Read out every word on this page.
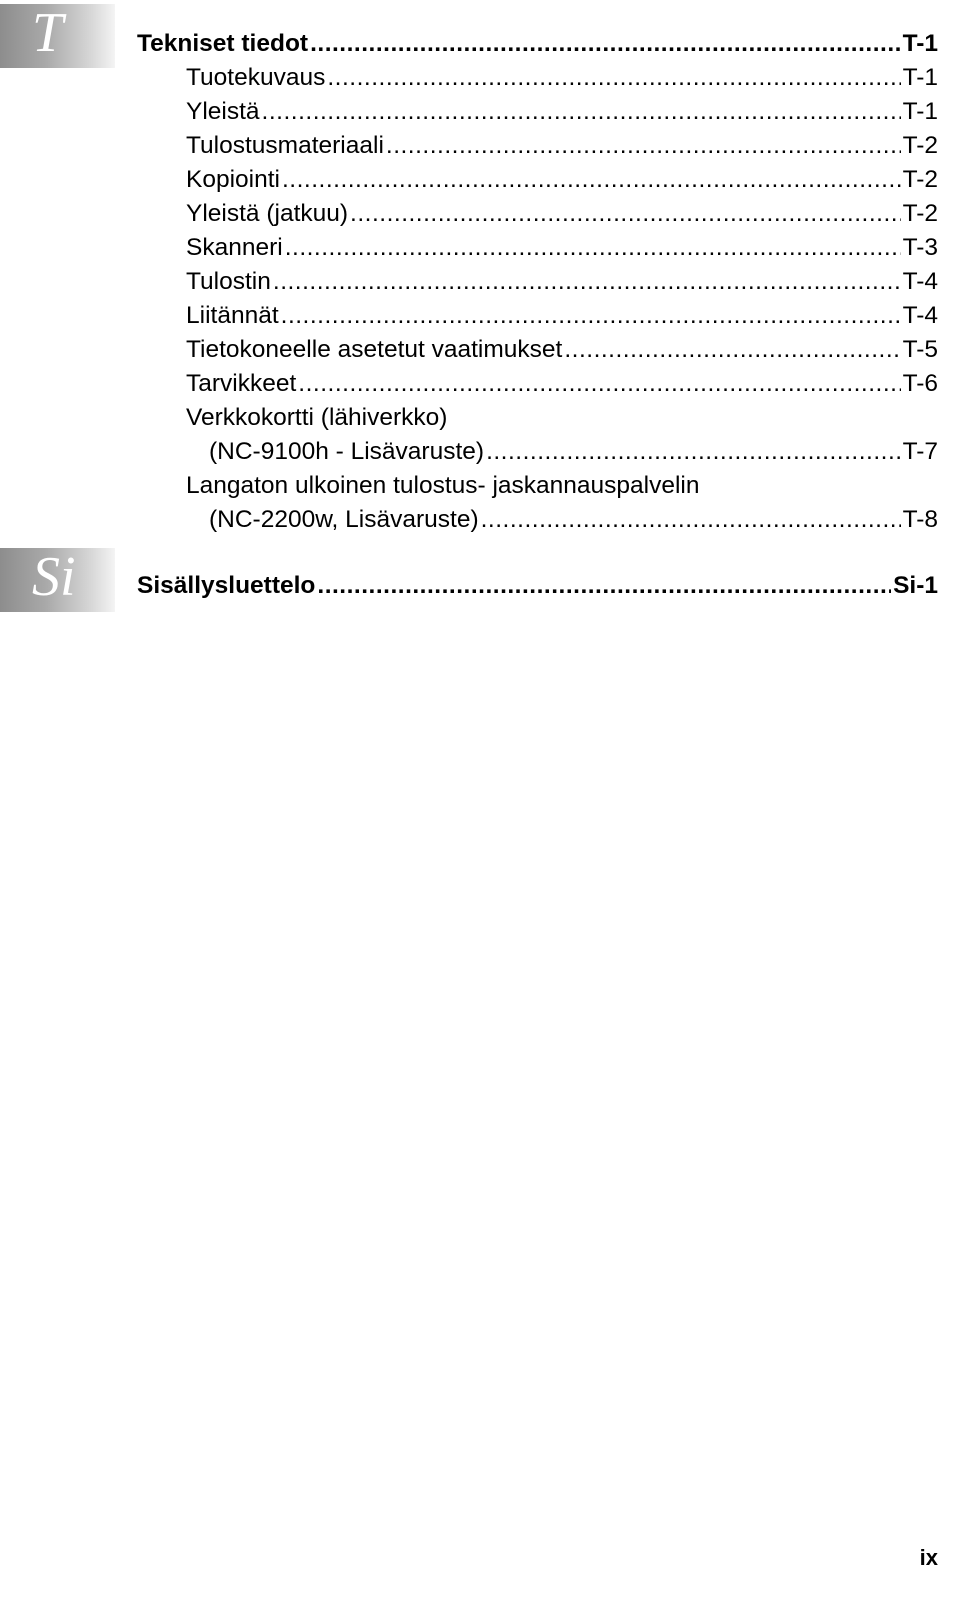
T	Tekniset tiedot .....	T-1
Tuotekuvaus .....	T-1
Yleistä .....	T-1
Tulostusmateriaali .....	T-2
Kopiointi .....	T-2
Yleistä (jatkuu) .....	T-2
Skanneri .....	T-3
Tulostin .....	T-4
Liitännät .....	T-4
Tietokoneelle asetetut vaatimukset .....	T-5
Tarvikkeet .....	T-6
Verkkokortti (lähiverkko)
(NC-9100h - Lisävaruste) .....	T-7
Langaton ulkoinen tulostus- jaskannauspalvelin
(NC-2200w, Lisävaruste) .....	T-8
Si	Sisällysluettelo .....	Si-1
ix
